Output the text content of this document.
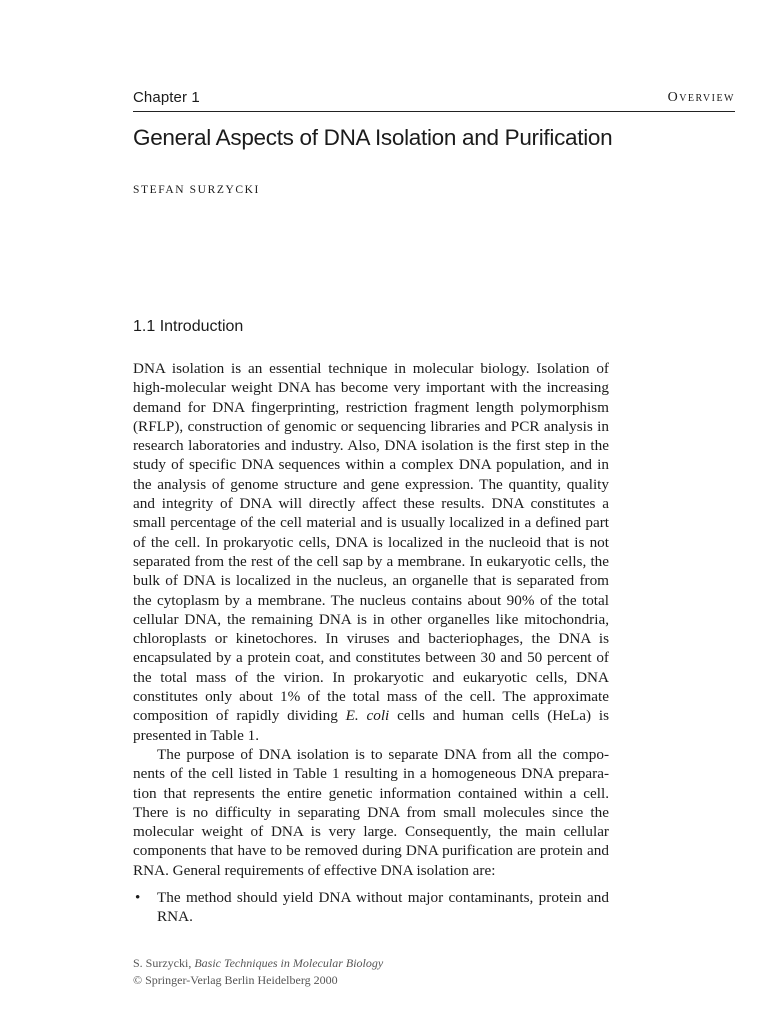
Chapter 1	Overview
General Aspects of DNA Isolation and Purification
STEFAN SURZYCKI
1.1 Introduction

DNA isolation is an essential technique in molecular biology. Isolation of high-molecular weight DNA has become very important with the increasing demand for DNA fingerprinting, restriction fragment length polymorphism (RFLP), construction of genomic or sequencing libraries and PCR analysis in research laboratories and industry. Also, DNA isolation is the first step in the study of specific DNA sequences within a complex DNA population, and in the analysis of genome structure and gene expression. The quantity, quality and integrity of DNA will directly affect these results. DNA constitutes a small percentage of the cell material and is usually localized in a defined part of the cell. In prokaryotic cells, DNA is localized in the nucleoid that is not separated from the rest of the cell sap by a membrane. In eukaryotic cells, the bulk of DNA is localized in the nucleus, an organelle that is separated from the cytoplasm by a membrane. The nucleus contains about 90% of the total cellular DNA, the remaining DNA is in other organelles like mitochondria, chloroplasts or kinetochores. In viruses and bacteriophages, the DNA is encapsulated by a protein coat, and constitutes between 30 and 50 percent of the total mass of the virion. In prokaryotic and eukaryotic cells, DNA constitutes only about 1% of the total mass of the cell. The approximate composition of rapidly dividing E. coli cells and human cells (HeLa) is presented in Table 1.

The purpose of DNA isolation is to separate DNA from all the components of the cell listed in Table 1 resulting in a homogeneous DNA preparation that represents the entire genetic information contained within a cell. There is no difficulty in separating DNA from small molecules since the molecular weight of DNA is very large. Consequently, the main cellular components that have to be removed during DNA purification are protein and RNA. General requirements of effective DNA isolation are:

• The method should yield DNA without major contaminants, protein and RNA.
S. Surzycki, Basic Techniques in Molecular Biology
© Springer-Verlag Berlin Heidelberg 2000
